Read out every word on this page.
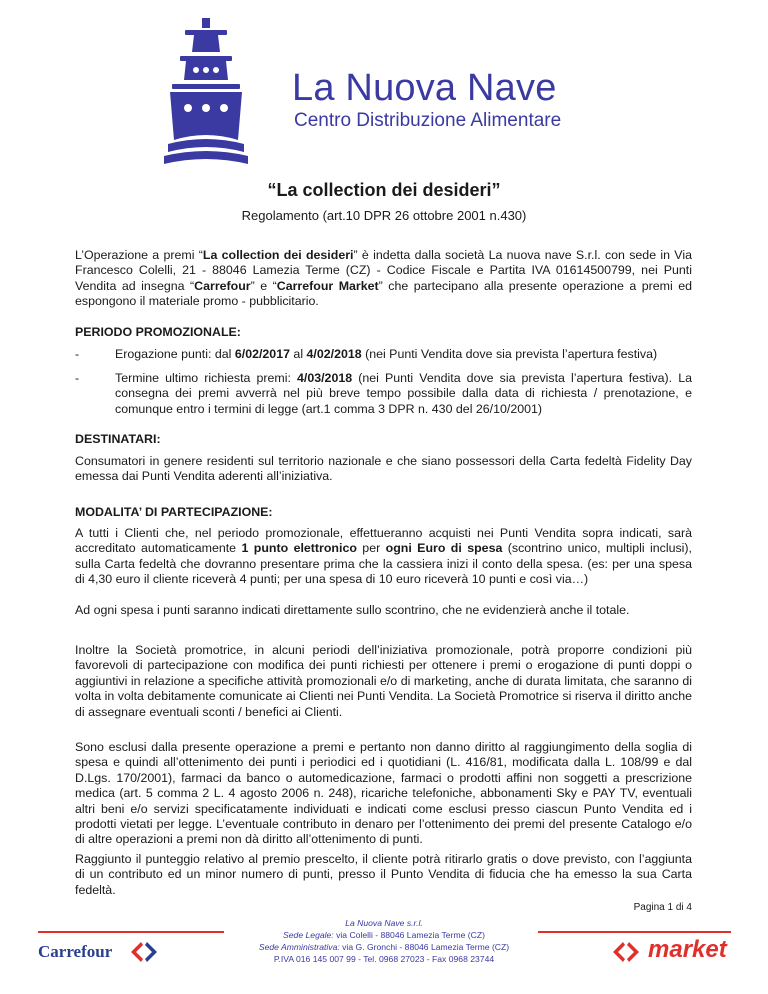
La Nuova Nave
Centro Distribuzione Alimentare
“La collection dei desideri”
Regolamento (art.10 DPR 26 ottobre 2001 n.430)
L’Operazione a premi “La collection dei desideri” è indetta dalla società La nuova nave S.r.l. con sede in Via Francesco Colelli, 21 - 88046 Lamezia Terme (CZ) - Codice Fiscale e Partita IVA 01614500799, nei Punti Vendita ad insegna “Carrefour” e “Carrefour Market” che partecipano alla presente operazione a premi ed espongono il materiale promo - pubblicitario.
PERIODO PROMOZIONALE:
-	Erogazione punti: dal 6/02/2017 al 4/02/2018 (nei Punti Vendita dove sia prevista l’apertura festiva)
-	Termine ultimo richiesta premi: 4/03/2018 (nei Punti Vendita dove sia prevista l’apertura festiva). La consegna dei premi avverrà nel più breve tempo possibile dalla data di richiesta / prenotazione, e comunque entro i termini di legge (art.1 comma 3 DPR n. 430 del 26/10/2001)
DESTINATARI:
Consumatori in genere residenti sul territorio nazionale e che siano possessori della Carta fedeltà Fidelity Day emessa dai Punti Vendita aderenti all’iniziativa.
MODALITA’ DI PARTECIPAZIONE:
A tutti i Clienti che, nel periodo promozionale, effettueranno acquisti nei Punti Vendita sopra indicati, sarà accreditato automaticamente 1 punto elettronico per ogni Euro di spesa (scontrino unico, multipli inclusi), sulla Carta fedeltà che dovranno presentare prima che la cassiera inizi il conto della spesa. (es: per una spesa di 4,30 euro il cliente riceverà 4 punti; per una spesa di 10 euro riceverà 10 punti e così via…)
Ad ogni spesa i punti saranno indicati direttamente sullo scontrino, che ne evidenzierà anche il totale.
Inoltre la Società promotrice, in alcuni periodi dell’iniziativa promozionale, potrà proporre condizioni più favorevoli di partecipazione con modifica dei punti richiesti per ottenere i premi o erogazione di punti doppi o aggiuntivi in relazione a specifiche attività promozionali e/o di marketing, anche di durata limitata, che saranno di volta in volta debitamente comunicate ai Clienti nei Punti Vendita. La Società Promotrice si riserva il diritto anche di assegnare eventuali sconti / benefici ai Clienti.
Sono esclusi dalla presente operazione a premi e pertanto non danno diritto al raggiungimento della soglia di spesa e quindi all’ottenimento dei punti i periodici ed i quotidiani (L. 416/81, modificata dalla L. 108/99 e dal D.Lgs. 170/2001), farmaci da banco o automedicazione, farmaci o prodotti affini non soggetti a prescrizione medica (art. 5 comma 2 L. 4 agosto 2006 n. 248), ricariche telefoniche, abbonamenti Sky e PAY TV, eventuali altri beni e/o servizi specificatamente individuati e indicati come esclusi presso ciascun Punto Vendita ed i prodotti vietati per legge. L’eventuale contributo in denaro per l’ottenimento dei premi del presente Catalogo e/o di altre operazioni a premi non dà diritto all’ottenimento di punti.
Raggiunto il punteggio relativo al premio prescelto, il cliente potrà ritirarlo gratis o dove previsto, con l’aggiunta di un contributo ed un minor numero di punti, presso il Punto Vendita di fiducia che ha emesso la sua Carta fedeltà.
Pagina 1 di 4
La Nuova Nave s.r.l.
Sede Legale: via Colelli - 88046 Lamezia Terme (CZ)
Sede Amministrativa: via G. Gronchi - 88046 Lamezia Terme (CZ)
P.IVA 016 145 007 99 - Tel. 0968 27023 - Fax 0968 23744
Carrefour	market
